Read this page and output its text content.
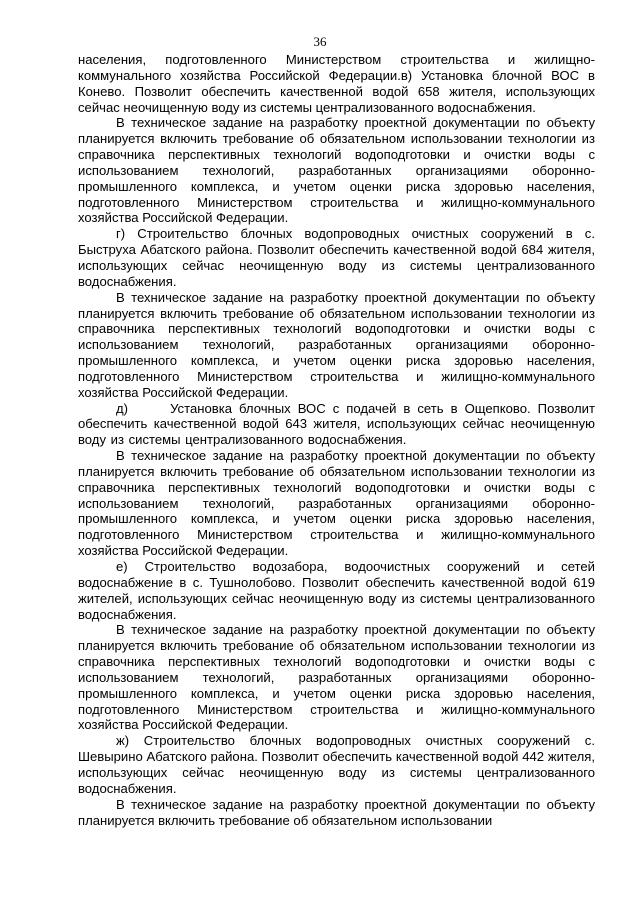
36

населения, подготовленного Министерством строительства и жилищно-коммунального хозяйства Российской Федерации.в) Установка блочной ВОС в Конево. Позволит обеспечить качественной водой 658 жителя, использующих сейчас неочищенную воду из системы централизованного водоснабжения.

В техническое задание на разработку проектной документации по объекту планируется включить требование об обязательном использовании технологии из справочника перспективных технологий водоподготовки и очистки воды с использованием технологий, разработанных организациями оборонно-промышленного комплекса, и учетом оценки риска здоровью населения, подготовленного Министерством строительства и жилищно-коммунального хозяйства Российской Федерации.

г) Строительство блочных водопроводных очистных сооружений в с. Быструха Абатского района. Позволит обеспечить качественной водой 684 жителя, использующих сейчас неочищенную воду из системы централизованного водоснабжения.

В техническое задание на разработку проектной документации по объекту планируется включить требование об обязательном использовании технологии из справочника перспективных технологий водоподготовки и очистки воды с использованием технологий, разработанных организациями оборонно-промышленного комплекса, и учетом оценки риска здоровью населения, подготовленного Министерством строительства и жилищно-коммунального хозяйства Российской Федерации.

д)      Установка блочных ВОС с подачей в сеть в Ощепково. Позволит обеспечить качественной водой 643 жителя, использующих сейчас неочищенную воду из системы централизованного водоснабжения.

В техническое задание на разработку проектной документации по объекту планируется включить требование об обязательном использовании технологии из справочника перспективных технологий водоподготовки и очистки воды с использованием технологий, разработанных организациями оборонно-промышленного комплекса, и учетом оценки риска здоровью населения, подготовленного Министерством строительства и жилищно-коммунального хозяйства Российской Федерации.

е) Строительство водозабора, водоочистных сооружений и сетей водоснабжение в с. Тушнолобово. Позволит обеспечить качественной водой 619 жителей, использующих сейчас неочищенную воду из системы централизованного водоснабжения.

В техническое задание на разработку проектной документации по объекту планируется включить требование об обязательном использовании технологии из справочника перспективных технологий водоподготовки и очистки воды с использованием технологий, разработанных организациями оборонно-промышленного комплекса, и учетом оценки риска здоровью населения, подготовленного Министерством строительства и жилищно-коммунального хозяйства Российской Федерации.

ж) Строительство блочных водопроводных очистных сооружений с. Шевырино Абатского района. Позволит обеспечить качественной водой 442 жителя, использующих сейчас неочищенную воду из системы централизованного водоснабжения.

В техническое задание на разработку проектной документации по объекту планируется включить требование об обязательном использовании
